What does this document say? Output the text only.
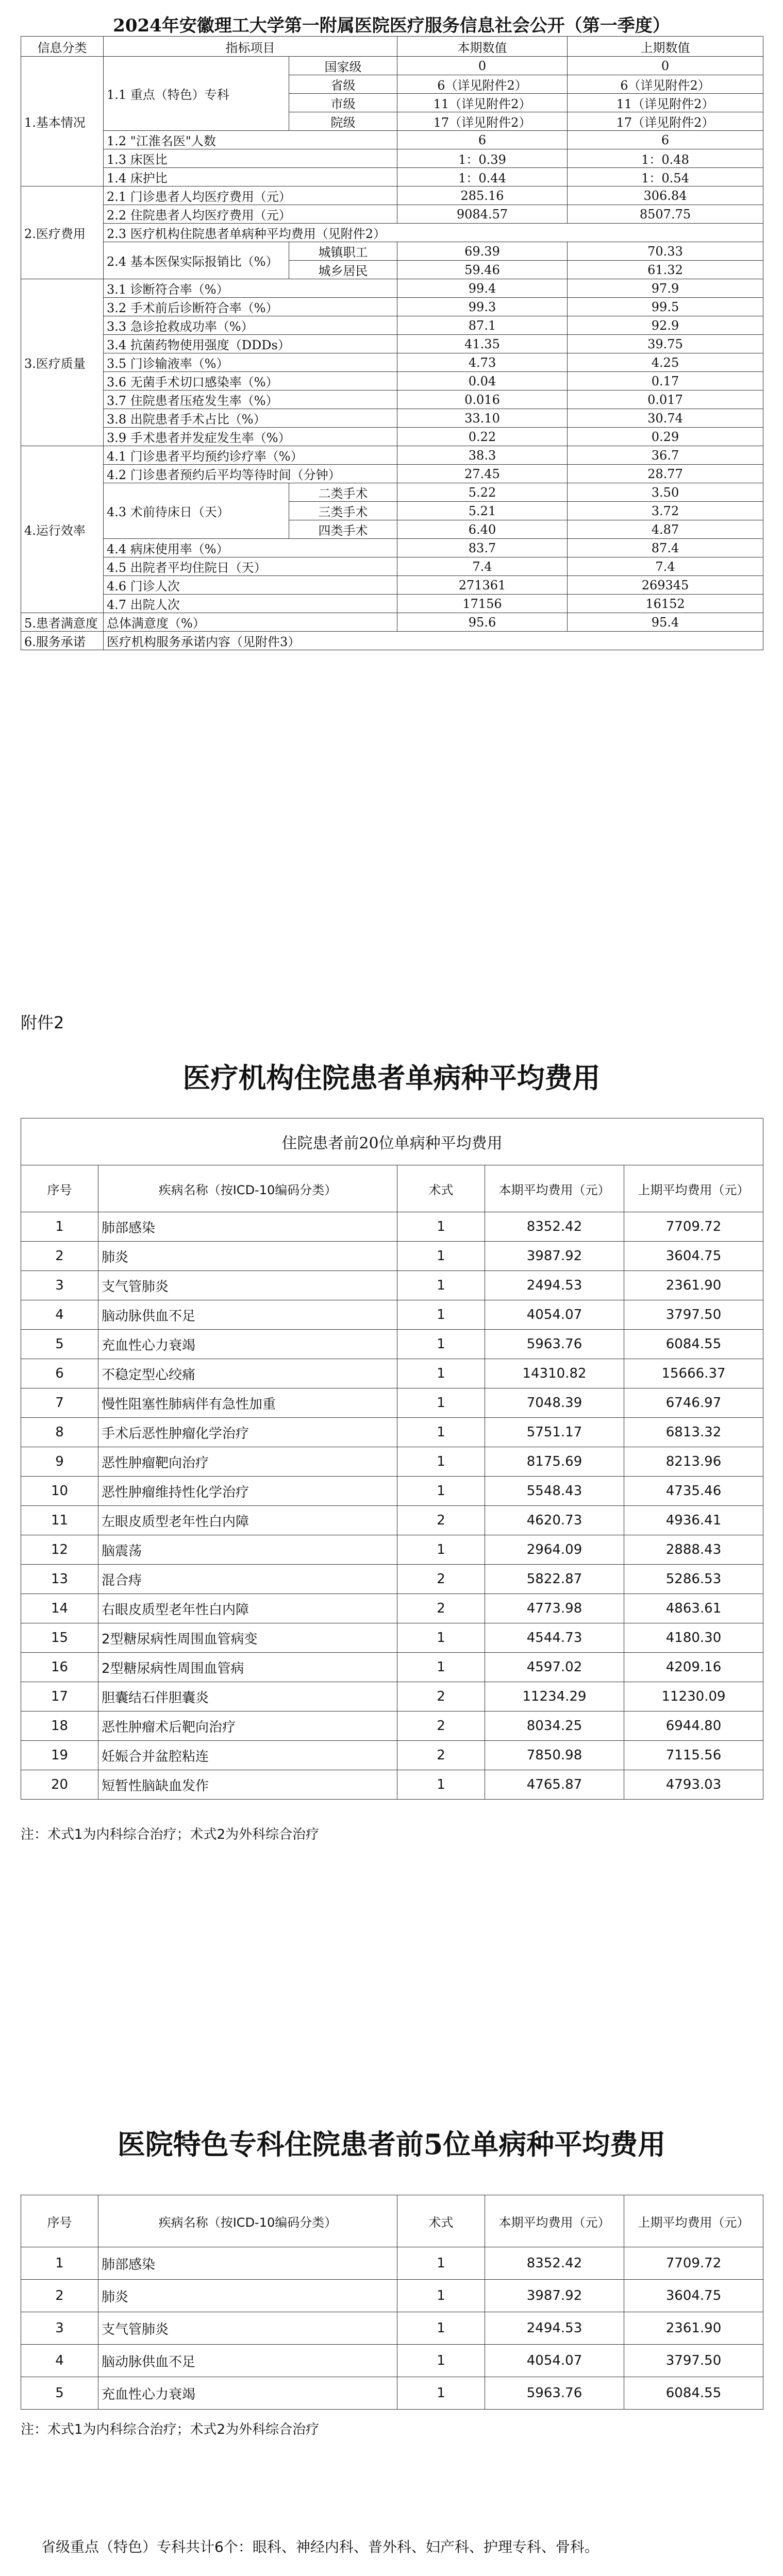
2024年安徽理工大学第一附属医院医疗服务信息社会公开（第一季度）
信息分类	指标项目		本期数值	上期数值
1.基本情况	1.1 重点（特色）专科	国家级	0	0
		省级	6（详见附件2）	6（详见附件2）
		市级	11（详见附件2）	11（详见附件2）
		院级	17（详见附件2）	17（详见附件2）
	1.2 "江淮名医"人数		6	6
	1.3 床医比		1：0.39	1：0.48
	1.4 床护比		1：0.44	1：0.54
2.医疗费用	2.1 门诊患者人均医疗费用（元）		285.16	306.84
	2.2 住院患者人均医疗费用（元）		9084.57	8507.75
	2.3 医疗机构住院患者单病种平均费用（见附件2）			
	2.4 基本医保实际报销比（%）	城镇职工	69.39	70.33
		城乡居民	59.46	61.32
3.医疗质量	3.1 诊断符合率（%）		99.4	97.9
	3.2 手术前后诊断符合率（%）		99.3	99.5
	3.3 急诊抢救成功率（%）		87.1	92.9
	3.4 抗菌药物使用强度（DDDs）		41.35	39.75
	3.5 门诊输液率（%）		4.73	4.25
	3.6 无菌手术切口感染率（%）		0.04	0.17
	3.7 住院患者压疮发生率（%）		0.016	0.017
	3.8 出院患者手术占比（%）		33.10	30.74
	3.9 手术患者并发症发生率（%）		0.22	0.29
4.运行效率	4.1 门诊患者平均预约诊疗率（%）		38.3	36.7
	4.2 门诊患者预约后平均等待时间（分钟）		27.45	28.77
	4.3 术前待床日（天）	二类手术	5.22	3.50
		三类手术	5.21	3.72
		四类手术	6.40	4.87
	4.4 病床使用率（%）		83.7	87.4
	4.5 出院者平均住院日（天）		7.4	7.4
	4.6 门诊人次		271361	269345
	4.7 出院人次		17156	16152
5.患者满意度	总体满意度（%）		95.6	95.4
6.服务承诺	医疗机构服务承诺内容（见附件3）			
附件2
医疗机构住院患者单病种平均费用
住院患者前20位单病种平均费用				
序号	疾病名称（按ICD-10编码分类）	术式	本期平均费用（元）	上期平均费用（元）
1	肺部感染	1	8352.42	7709.72
2	肺炎	1	3987.92	3604.75
3	支气管肺炎	1	2494.53	2361.90
4	脑动脉供血不足	1	4054.07	3797.50
5	充血性心力衰竭	1	5963.76	6084.55
6	不稳定型心绞痛	1	14310.82	15666.37
7	慢性阻塞性肺病伴有急性加重	1	7048.39	6746.97
8	手术后恶性肿瘤化学治疗	1	5751.17	6813.32
9	恶性肿瘤靶向治疗	1	8175.69	8213.96
10	恶性肿瘤维持性化学治疗	1	5548.43	4735.46
11	左眼皮质型老年性白内障	2	4620.73	4936.41
12	脑震荡	1	2964.09	2888.43
13	混合痔	2	5822.87	5286.53
14	右眼皮质型老年性白内障	2	4773.98	4863.61
15	2型糖尿病性周围血管病变	1	4544.73	4180.30
16	2型糖尿病性周围血管病	1	4597.02	4209.16
17	胆囊结石伴胆囊炎	2	11234.29	11230.09
18	恶性肿瘤术后靶向治疗	2	8034.25	6944.80
19	妊娠合并盆腔粘连	2	7850.98	7115.56
20	短暂性脑缺血发作	1	4765.87	4793.03
注：术式1为内科综合治疗；术式2为外科综合治疗
医院特色专科住院患者前5位单病种平均费用
序号	疾病名称（按ICD-10编码分类）	术式	本期平均费用（元）	上期平均费用（元）
1	肺部感染	1	8352.42	7709.72
2	肺炎	1	3987.92	3604.75
3	支气管肺炎	1	2494.53	2361.90
4	脑动脉供血不足	1	4054.07	3797.50
5	充血性心力衰竭	1	5963.76	6084.55
注：术式1为内科综合治疗；术式2为外科综合治疗
省级重点（特色）专科共计6个：眼科、神经内科、普外科、妇产科、护理专科、骨科。
